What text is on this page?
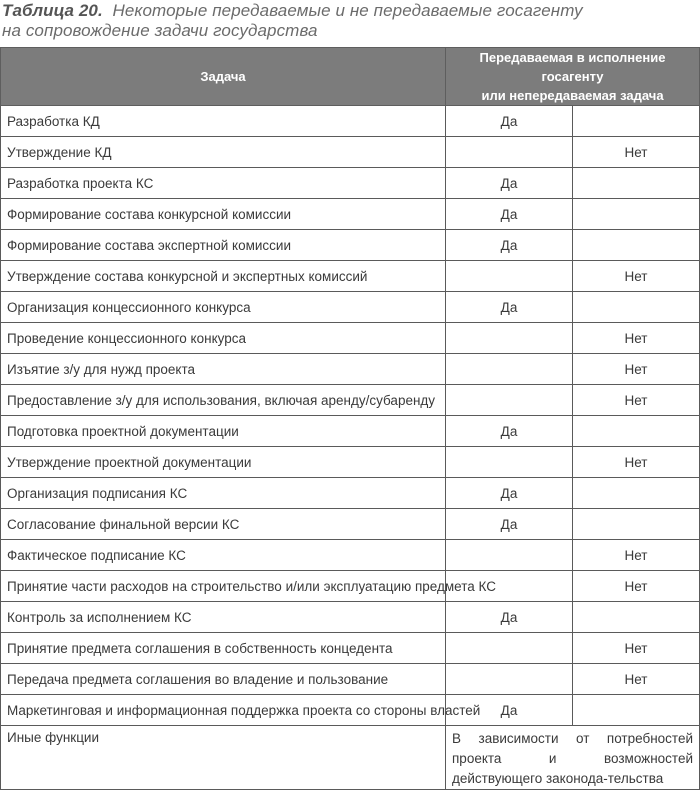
Таблица 20. Некоторые передаваемые и не передаваемые госагенту
на сопровождение задачи государства
Задача	Передаваемая в исполнение госагенту
или непередаваемая задача	

Разработка КД	Да	
Утверждение КД		Нет
Разработка проекта КС	Да	
Формирование состава конкурсной комиссии	Да	
Формирование состава экспертной комиссии	Да	
Утверждение состава конкурсной и экспертных комиссий		Нет
Организация концессионного конкурса	Да	
Проведение концессионного конкурса		Нет
Изъятие з/у для нужд проекта		Нет
Предоставление з/у для использования, включая аренду/субаренду		Нет
Подготовка проектной документации	Да	
Утверждение проектной документации		Нет
Организация подписания КС	Да	
Согласование финальной версии КС	Да	
Фактическое подписание КС		Нет
Принятие части расходов на строительство и/или эксплуатацию предмета КС		Нет
Контроль за исполнением КС	Да	
Принятие предмета соглашения в собственность концедента		Нет
Передача предмета соглашения во владение и пользование		Нет
Маркетинговая и информационная поддержка проекта со стороны властей	Да	
Иные функции	В зависимости от потребностей проекта и возможностей действующего законода-тельства	
